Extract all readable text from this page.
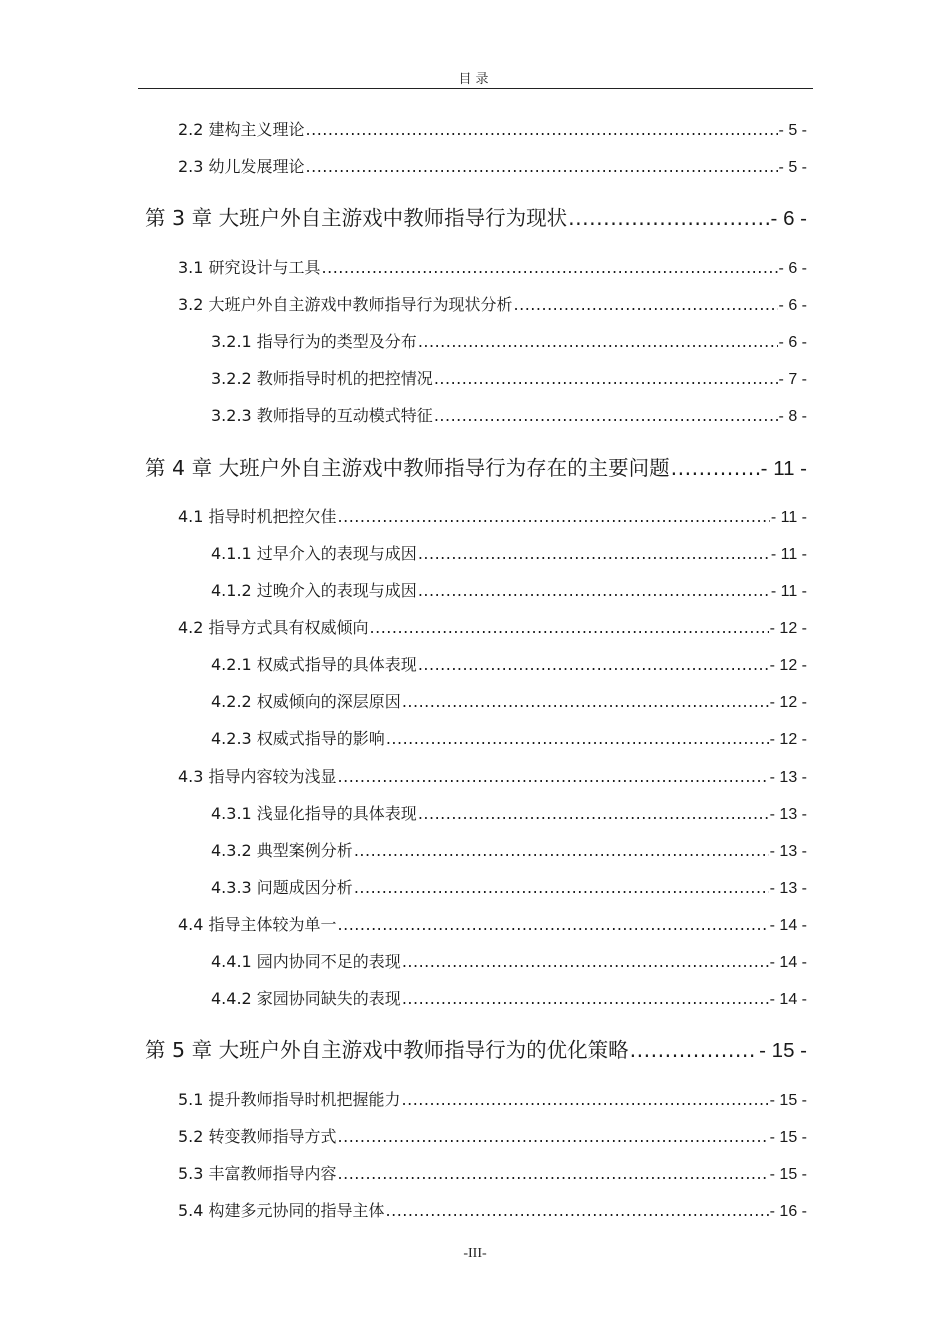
目录
2.2 建构主义理论 .....	- 5 -
2.3 幼儿发展理论 .....	- 5 -
第 3 章 大班户外自主游戏中教师指导行为现状 .....	- 6 -
3.1 研究设计与工具 .....	- 6 -
3.2 大班户外自主游戏中教师指导行为现状分析 .....	- 6 -
3.2.1 指导行为的类型及分布 .....	- 6 -
3.2.2 教师指导时机的把控情况 .....	- 7 -
3.2.3 教师指导的互动模式特征 .....	- 8 -
第 4 章 大班户外自主游戏中教师指导行为存在的主要问题 .....	- 11 -
4.1 指导时机把控欠佳 .....	- 11 -
4.1.1 过早介入的表现与成因 .....	- 11 -
4.1.2 过晚介入的表现与成因 .....	- 11 -
4.2 指导方式具有权威倾向 .....	- 12 -
4.2.1 权威式指导的具体表现 .....	- 12 -
4.2.2 权威倾向的深层原因 .....	- 12 -
4.2.3 权威式指导的影响 .....	- 12 -
4.3 指导内容较为浅显 .....	- 13 -
4.3.1 浅显化指导的具体表现 .....	- 13 -
4.3.2 典型案例分析 .....	- 13 -
4.3.3 问题成因分析 .....	- 13 -
4.4 指导主体较为单一 .....	- 14 -
4.4.1 园内协同不足的表现 .....	- 14 -
4.4.2 家园协同缺失的表现 .....	- 14 -
第 5 章 大班户外自主游戏中教师指导行为的优化策略 .....	- 15 -
5.1 提升教师指导时机把握能力 .....	- 15 -
5.2 转变教师指导方式 .....	- 15 -
5.3 丰富教师指导内容 .....	- 15 -
5.4 构建多元协同的指导主体 .....	- 16 -
-III-
